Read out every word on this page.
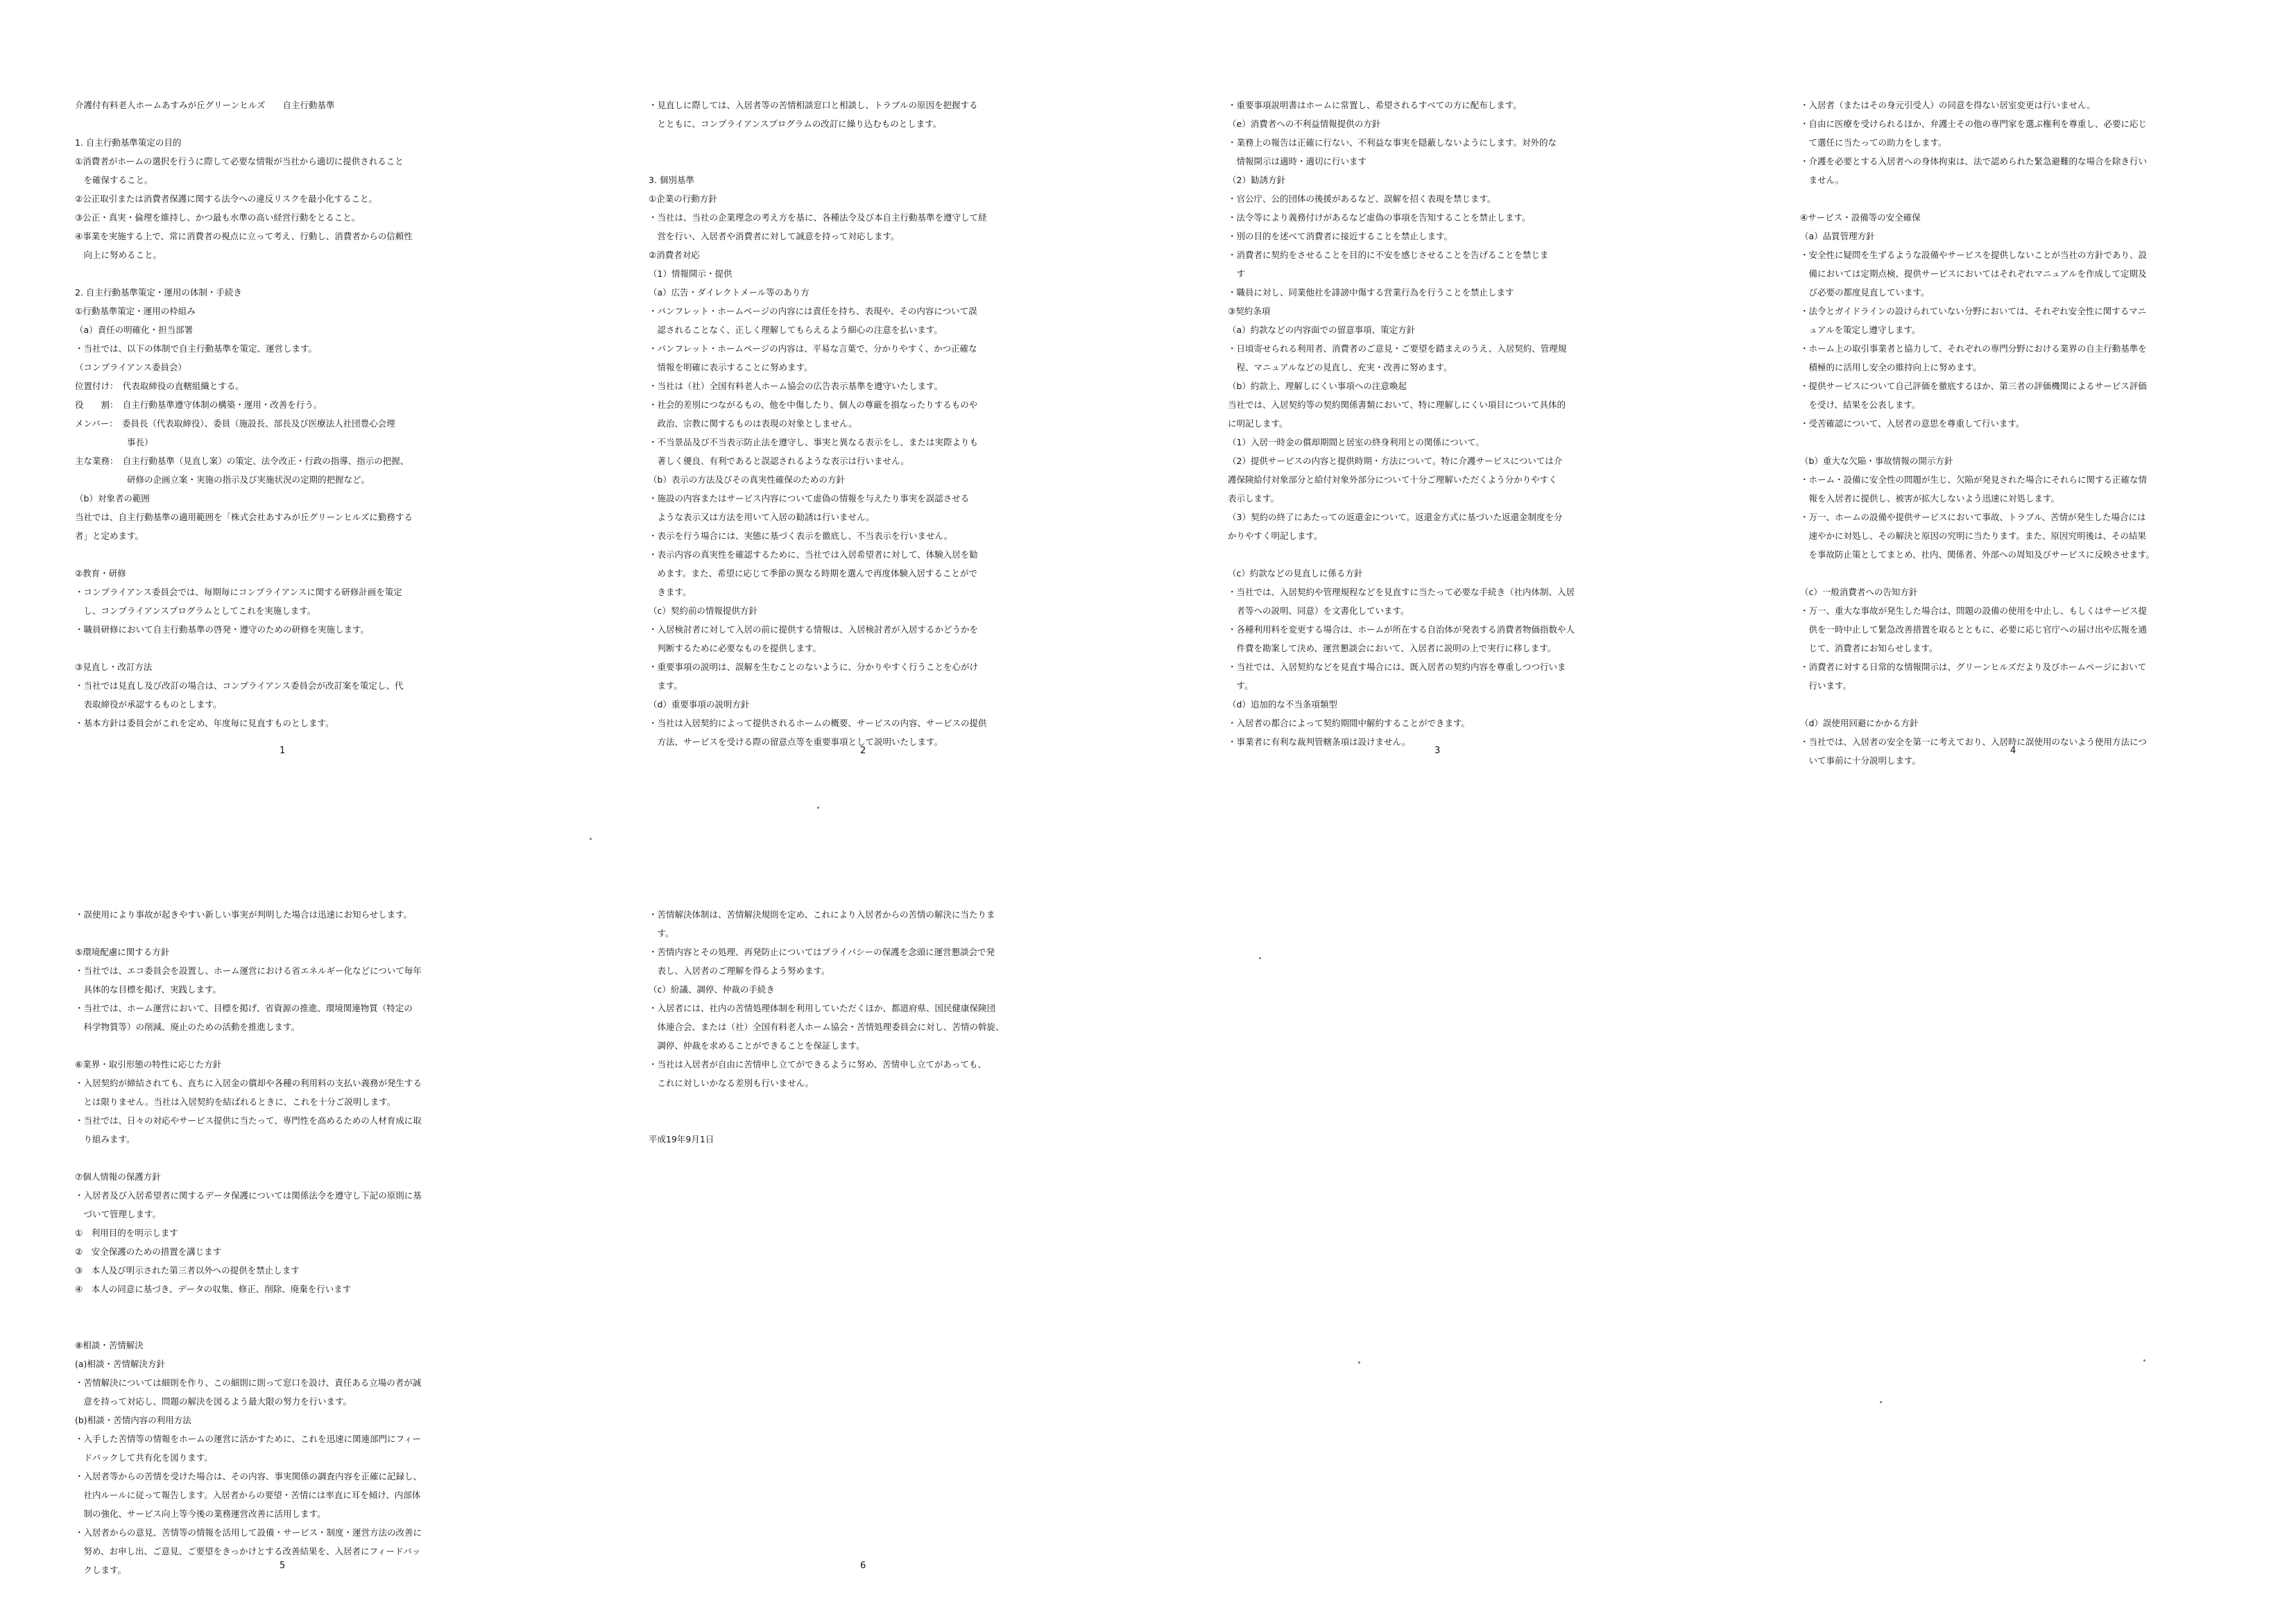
介護付有料老人ホームあすみが丘グリーンヒルズ　　自主行動基準

1. 自主行動基準策定の目的

①消費者がホームの選択を行うに際して必要な情報が当社から適切に提供されること

　を確保すること。

②公正取引または消費者保護に関する法令への違反リスクを最小化すること。

③公正・真実・倫理を維持し、かつ最も水準の高い経営行動をとること。

④事業を実施する上で、常に消費者の視点に立って考え、行動し、消費者からの信頼性

　向上に努めること。

2. 自主行動基準策定・運用の体制・手続き

①行動基準策定・運用の枠組み

（a）責任の明確化・担当部署

・当社では、以下の体制で自主行動基準を策定、運営します。

（コンプライアンス委員会）

位置付け：　代表取締役の直轄組織とする。

役　　割：　自主行動基準遵守体制の構築・運用・改善を行う。

メンバー：　委員長（代表取締役）、委員（施設長、部長及び医療法人社団豊心会理

　　　　　　事長）

主な業務：　自主行動基準（見直し案）の策定、法令改正・行政の指導、指示の把握、

　　　　　　研修の企画立案・実施の指示及び実施状況の定期的把握など。

（b）対象者の範囲

当社では、自主行動基準の適用範囲を「株式会社あすみが丘グリーンヒルズに勤務する

者」と定めます。

②教育・研修

・コンプライアンス委員会では、毎期毎にコンプライアンスに関する研修計画を策定

　し、コンプライアンスプログラムとしてこれを実施します。

・職員研修において自主行動基準の啓発・遵守のための研修を実施します。

③見直し・改訂方法

・当社では見直し及び改訂の場合は、コンプライアンス委員会が改訂案を策定し、代

　表取締役が承認するものとします。

・基本方針は委員会がこれを定め、年度毎に見直すものとします。

・見直しに際しては、入居者等の苦情相談窓口と相談し、トラブルの原因を把握する

　とともに、コンプライアンスプログラムの改訂に繰り込むものとします。

3. 個別基準

①企業の行動方針

・当社は、当社の企業理念の考え方を基に、各種法令及び本自主行動基準を遵守して経

　営を行い、入居者や消費者に対して誠意を持って対応します。

②消費者対応

（1）情報開示・提供

（a）広告・ダイレクトメール等のあり方

・パンフレット・ホームページの内容には責任を持ち、表現や、その内容について誤

　認されることなく、正しく理解してもらえるよう細心の注意を払います。

・パンフレット・ホームページの内容は、平易な言葉で、分かりやすく、かつ正確な

　情報を明確に表示することに努めます。

・当社は（社）全国有料老人ホーム協会の広告表示基準を遵守いたします。

・社会的差別につながるもの、他を中傷したり、個人の尊厳を損なったりするものや

　政治、宗教に関するものは表現の対象としません。

・不当景品及び不当表示防止法を遵守し、事実と異なる表示をし、または実際よりも

　著しく優良、有利であると誤認されるような表示は行いません。

（b）表示の方法及びその真実性確保のための方針

・施設の内容またはサービス内容について虚偽の情報を与えたり事実を誤認させる

　ような表示又は方法を用いて入居の勧誘は行いません。

・表示を行う場合には、実態に基づく表示を徹底し、不当表示を行いません。

・表示内容の真実性を確認するために、当社では入居希望者に対して、体験入居を勧

　めます。また、希望に応じて季節の異なる時期を選んで再度体験入居することがで

　きます。

（c）契約前の情報提供方針

・入居検討者に対して入居の前に提供する情報は、入居検討者が入居するかどうかを

　判断するために必要なものを提供します。

・重要事項の説明は、誤解を生むことのないように、分かりやすく行うことを心がけ

　ます。

（d）重要事項の説明方針

・当社は入居契約によって提供されるホームの概要、サービスの内容、サービスの提供

　方法、サービスを受ける際の留意点等を重要事項として説明いたします。

・重要事項説明書はホームに常置し、希望されるすべての方に配布します。

（e）消費者への不利益情報提供の方針

・業務上の報告は正確に行ない、不利益な事実を隠蔽しないようにします。対外的な

　情報開示は適時・適切に行います

（2）勧誘方針

・官公庁、公的団体の後援があるなど、誤解を招く表現を禁じます。

・法令等により義務付けがあるなど虚偽の事項を告知することを禁止します。

・別の目的を述べて消費者に接近することを禁止します。

・消費者に契約をさせることを目的に不安を感じさせることを告げることを禁じま

　す

・職員に対し、同業他社を誹謗中傷する営業行為を行うことを禁止します

③契約条項

（a）約款などの内容面での留意事項、策定方針

・日頃寄せられる利用者、消費者のご意見・ご要望を踏まえのうえ、入居契約、管理規

　程、マニュアルなどの見直し、充実・改善に努めます。

（b）約款上、理解しにくい事項への注意喚起

当社では、入居契約等の契約関係書類において、特に理解しにくい項目について具体的

に明記します。

（1）入居一時金の償却期間と居室の終身利用との関係について。

（2）提供サービスの内容と提供時期・方法について。特に介護サービスについては介

護保険給付対象部分と給付対象外部分について十分ご理解いただくよう分かりやすく

表示します。

（3）契約の終了にあたっての返還金について。返還金方式に基づいた返還金制度を分

かりやすく明記します。

（c）約款などの見直しに係る方針

・当社では、入居契約や管理規程などを見直すに当たって必要な手続き（社内体制、入居

　者等への説明、同意）を文書化しています。

・各種利用料を変更する場合は、ホームが所在する自治体が発表する消費者物価指数や人

　件費を勘案して決め、運営懇談会において、入居者に説明の上で実行に移します。

・当社では、入居契約などを見直す場合には、既入居者の契約内容を尊重しつつ行いま

　す。

（d）追加的な不当条項類型

・入居者の都合によって契約期間中解約することができます。

・事業者に有利な裁判管轄条項は設けません。

・入居者（またはその身元引受人）の同意を得ない居室変更は行いません。

・自由に医療を受けられるほか、弁護士その他の専門家を選ぶ権利を尊重し、必要に応じ

　て選任に当たっての助力をします。

・介護を必要とする入居者への身体拘束は、法で認められた緊急避難的な場合を除き行い

　ません。

④サービス・設備等の安全確保

（a）品質管理方針

・安全性に疑問を生ずるような設備やサービスを提供しないことが当社の方針であり、設

　備においては定期点検、提供サービスにおいてはそれぞれマニュアルを作成して定期及

　び必要の都度見直しています。

・法令とガイドラインの設けられていない分野においては、それぞれ安全性に関するマニ

　ュアルを策定し遵守します。

・ホーム上の取引事業者と協力して、それぞれの専門分野における業界の自主行動基準を

　積極的に活用し安全の維持向上に努めます。

・提供サービスについて自己評価を徹底するほか、第三者の評価機関によるサービス評価

　を受け、結果を公表します。

・受苦確認について、入居者の意思を尊重して行います。

（b）重大な欠陥・事故情報の開示方針

・ホーム・設備に安全性の問題が生じ、欠陥が発見された場合にそれらに関する正確な情

　報を入居者に提供し、被害が拡大しないよう迅速に対処します。

・万一、ホームの設備や提供サービスにおいて事故、トラブル、苦情が発生した場合には

　速やかに対処し、その解決と原因の究明に当たります。また、原因究明後は、その結果

　を事故防止策としてまとめ、社内、関係者、外部への周知及びサービスに反映させます。

（c）一般消費者への告知方針

・万一、重大な事故が発生した場合は、問題の設備の使用を中止し、もしくはサービス提

　供を一時中止して緊急改善措置を取るとともに、必要に応じ官庁への届け出や広報を通

　じて、消費者にお知らせします。

・消費者に対する日常的な情報開示は、グリーンヒルズだより及びホームページにおいて

　行います。

（d）誤使用回避にかかる方針

・当社では、入居者の安全を第一に考えており、入居時に誤使用のないよう使用方法につ

　いて事前に十分説明します。

・誤使用により事故が起きやすい新しい事実が判明した場合は迅速にお知らせします。

⑤環境配慮に関する方針

・当社では、エコ委員会を設置し、ホーム運営における省エネルギー化などについて毎年

　具体的な目標を掲げ、実践します。

・当社では、ホーム運営において、目標を掲げ、省資源の推進、環境関連物質（特定の

　科学物質等）の削減、廃止のための活動を推進します。

⑥業界・取引形態の特性に応じた方針

・入居契約が締結されても、直ちに入居金の償却や各種の利用料の支払い義務が発生する

　とは限りません。当社は入居契約を結ばれるときに、これを十分ご説明します。

・当社では、日々の対応やサービス提供に当たって、専門性を高めるための人材育成に取

　り組みます。

⑦個人情報の保護方針

・入居者及び入居希望者に関するデータ保護については関係法令を遵守し下記の原則に基

　づいて管理します。

①　利用目的を明示します

②　安全保護のための措置を講じます

③　本人及び明示された第三者以外への提供を禁止します

④　本人の同意に基づき、データの収集、修正、削除、廃棄を行います

⑧相談・苦情解決

(a)相談・苦情解決方針

・苦情解決については細則を作り、この細則に則って窓口を設け、責任ある立場の者が誠

　意を持って対応し、問題の解決を図るよう最大限の努力を行います。

(b)相談・苦情内容の利用方法

・入手した苦情等の情報をホームの運営に活かすために、これを迅速に関連部門にフィー

　ドバックして共有化を図ります。

・入居者等からの苦情を受けた場合は、その内容、事実関係の調査内容を正確に記録し、

　社内ルールに従って報告します。入居者からの要望・苦情には率直に耳を傾け、内部体

　制の強化、サービス向上等今後の業務運営改善に活用します。

・入居者からの意見、苦情等の情報を活用して設備・サービス・制度・運営方法の改善に

　努め、お申し出、ご意見、ご要望をきっかけとする改善結果を、入居者にフィードバッ

　クします。

・苦情解決体制は、苦情解決規則を定め、これにより入居者からの苦情の解決に当たりま

　す。

・苦情内容とその処理、再発防止についてはプライバシーの保護を念頭に運営懇談会で発

　表し、入居者のご理解を得るよう努めます。

（c）紛議、調停、仲裁の手続き

・入居者には、社内の苦情処理体制を利用していただくほか、都道府県、国民健康保険団

　体連合会、または（社）全国有料老人ホーム協会・苦情処理委員会に対し、苦情の斡旋、

　調停、仲裁を求めることができることを保証します。

・当社は入居者が自由に苦情申し立てができるように努め、苦情申し立てがあっても、

　これに対しいかなる差別も行いません。

平成19年9月1日

1	2	3	4
5	6
